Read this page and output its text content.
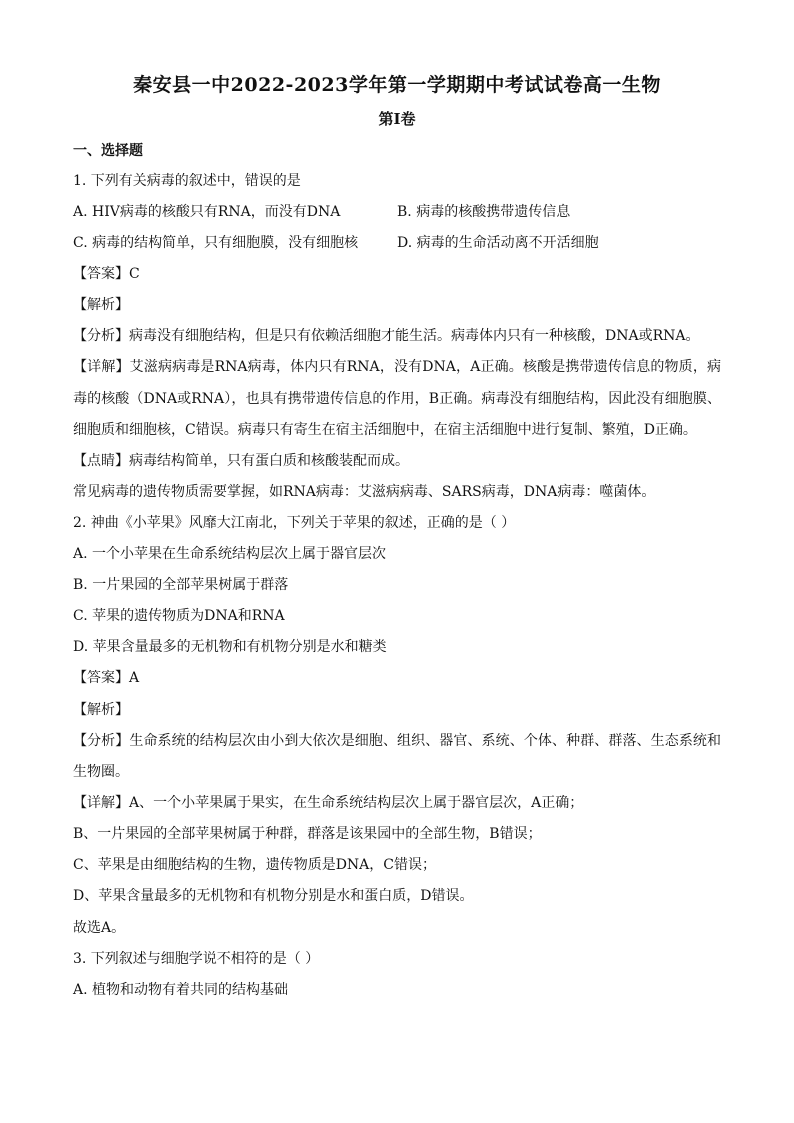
秦安县一中2022-2023学年第一学期期中考试试卷高一生物
第I卷
一、选择题
1. 下列有关病毒的叙述中，错误的是
A. HIV病毒的核酸只有RNA，而没有DNA	B. 病毒的核酸携带遗传信息
C. 病毒的结构简单，只有细胞膜，没有细胞核	D. 病毒的生命活动离不开活细胞
【答案】C
【解析】
【分析】病毒没有细胞结构，但是只有依赖活细胞才能生活。病毒体内只有一种核酸，DNA或RNA。
【详解】艾滋病病毒是RNA病毒，体内只有RNA，没有DNA，A正确。核酸是携带遗传信息的物质，病
毒的核酸（DNA或RNA），也具有携带遗传信息的作用，B正确。病毒没有细胞结构，因此没有细胞膜、
细胞质和细胞核，C错误。病毒只有寄生在宿主活细胞中，在宿主活细胞中进行复制、繁殖，D正确。
【点睛】病毒结构简单，只有蛋白质和核酸装配而成。
常见病毒的遗传物质需要掌握，如RNA病毒：艾滋病病毒、SARS病毒，DNA病毒：噬菌体。
2. 神曲《小苹果》风靡大江南北，下列关于苹果的叙述，正确的是（ ）
A. 一个小苹果在生命系统结构层次上属于器官层次
B. 一片果园的全部苹果树属于群落
C. 苹果的遗传物质为DNA和RNA
D. 苹果含量最多的无机物和有机物分别是水和糖类
【答案】A
【解析】
【分析】生命系统的结构层次由小到大依次是细胞、组织、器官、系统、个体、种群、群落、生态系统和
生物圈。
【详解】A、一个小苹果属于果实，在生命系统结构层次上属于器官层次，A正确；
B、一片果园的全部苹果树属于种群，群落是该果园中的全部生物，B错误；
C、苹果是由细胞结构的生物，遗传物质是DNA，C错误；
D、苹果含量最多的无机物和有机物分别是水和蛋白质，D错误。
故选A。
3. 下列叙述与细胞学说不相符的是（ ）
A. 植物和动物有着共同的结构基础
